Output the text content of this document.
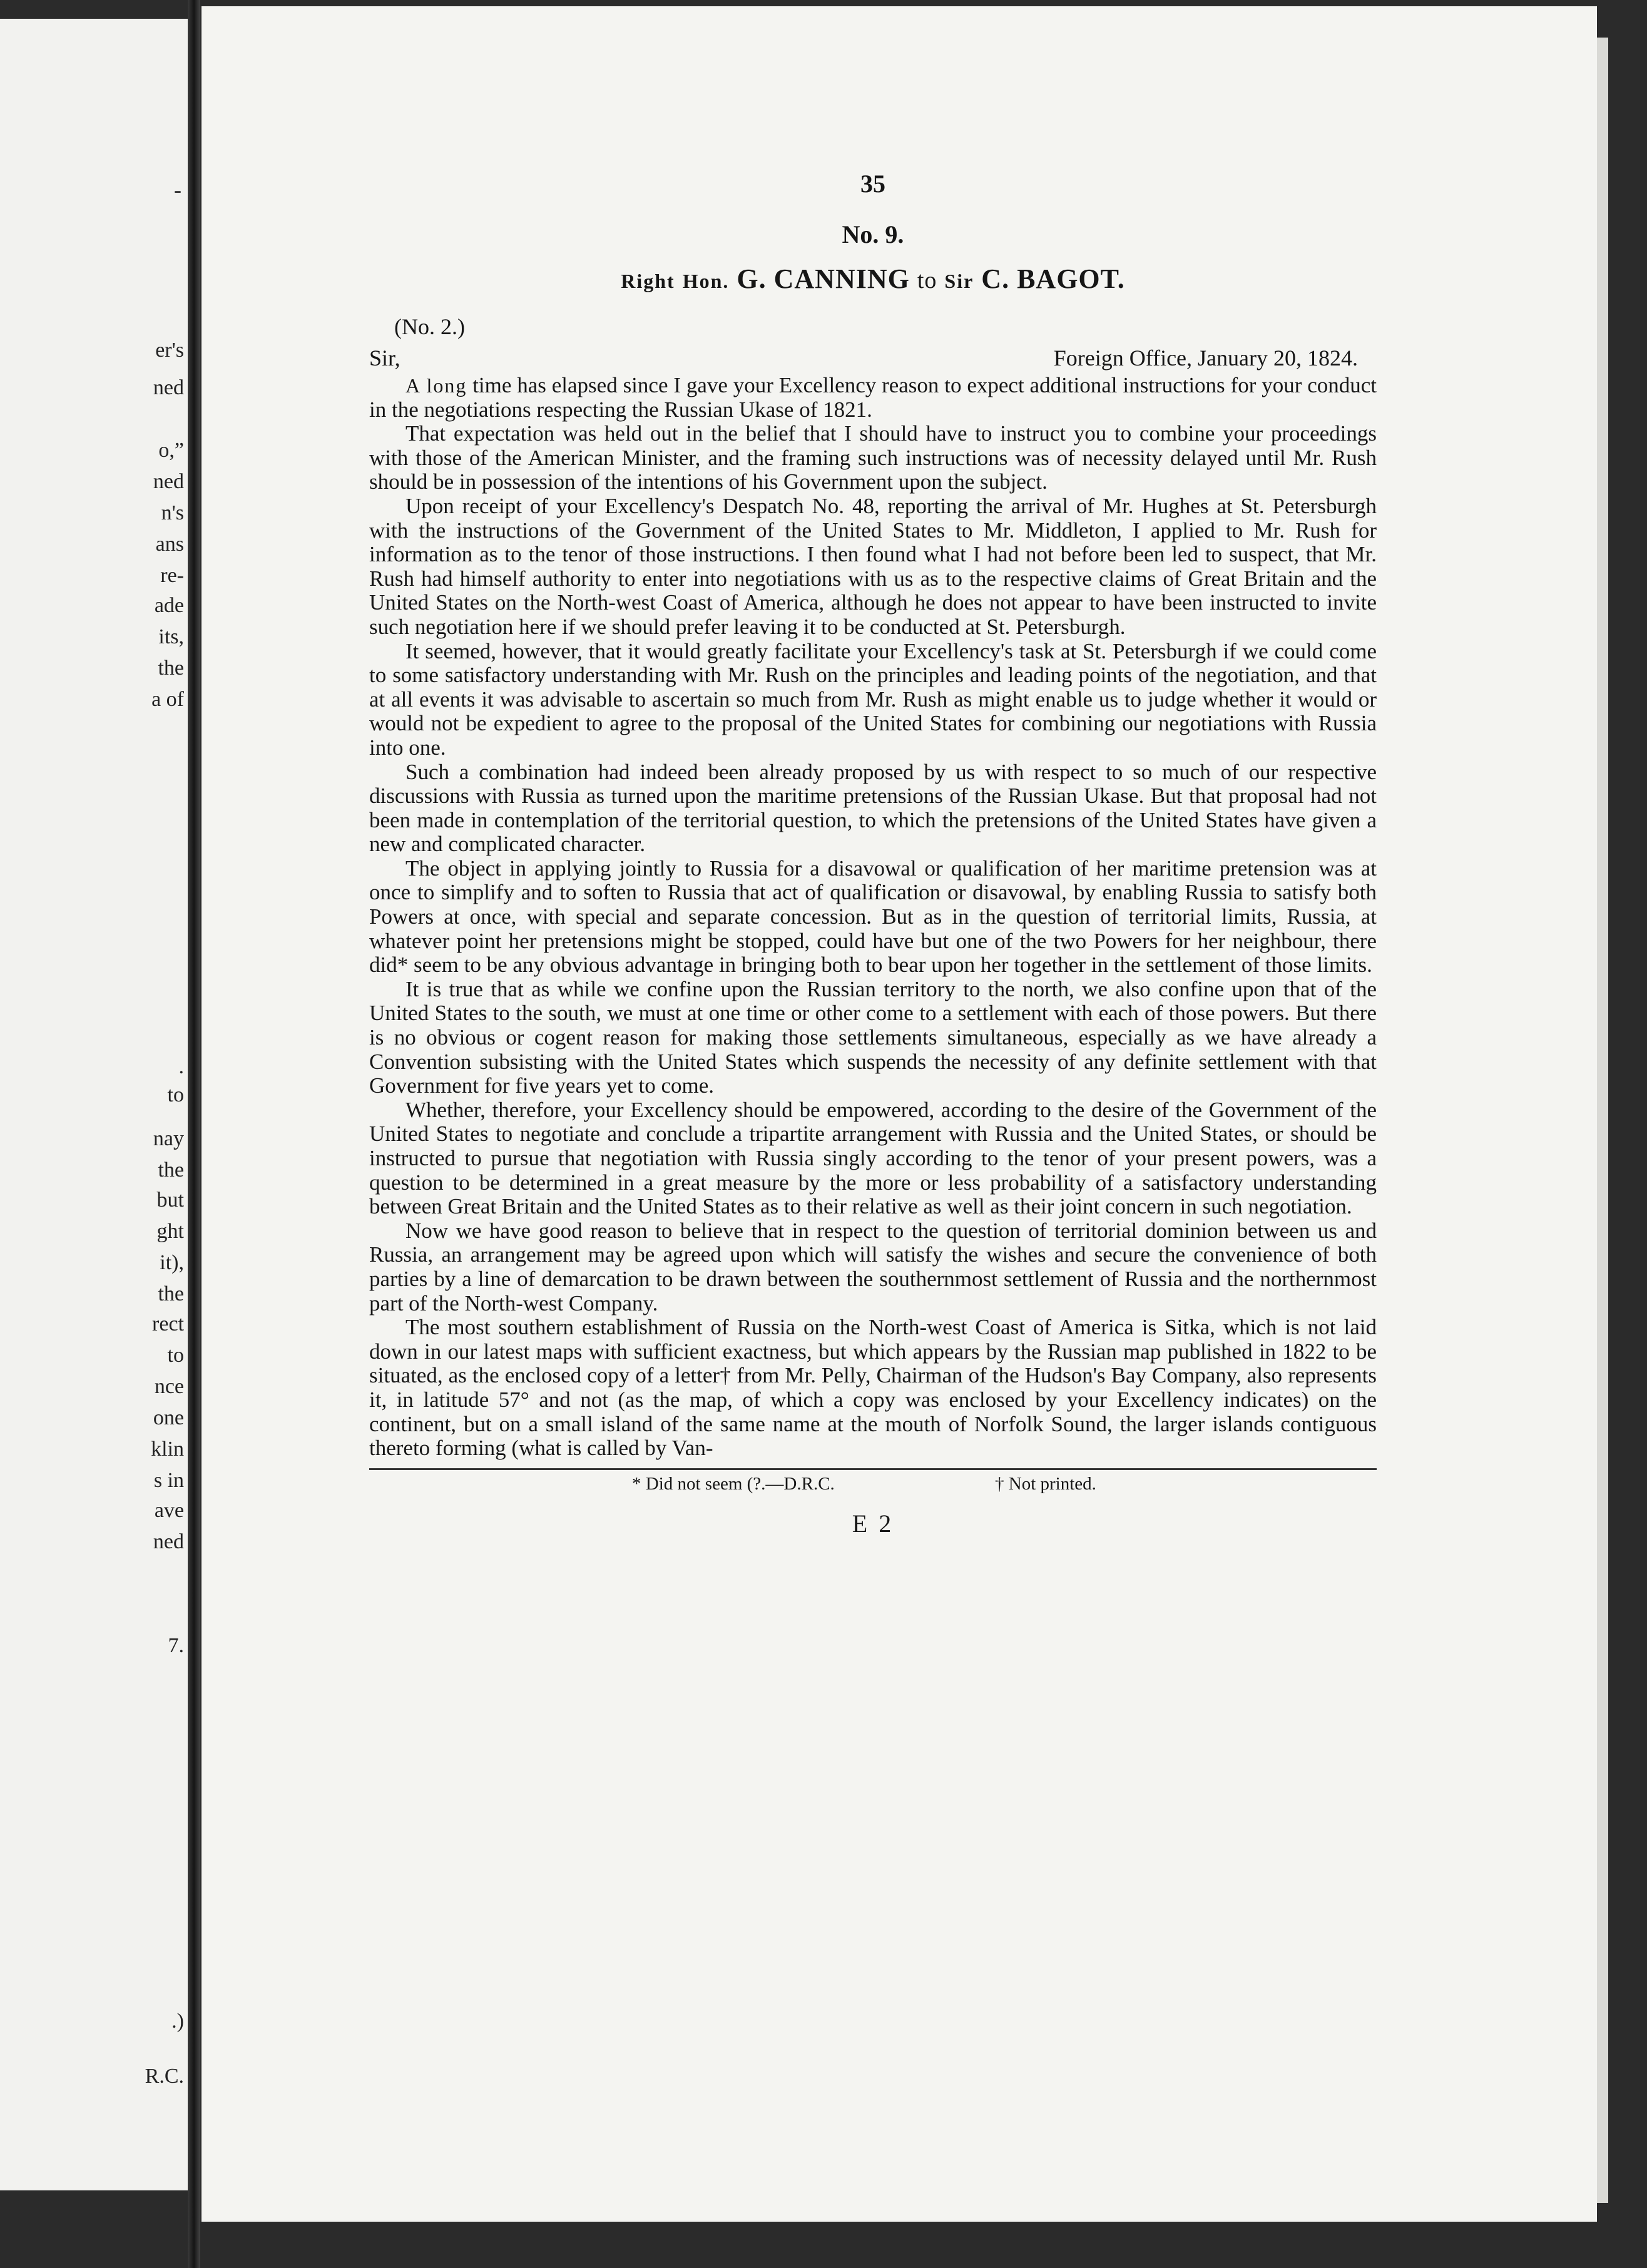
er's
ned
o,”
ned
n's
ans
re-
ade
its,
the
a of
.
to
nay
the
but
ght
it),
the
rect
to
nce
one
klin
s in
ave
ned
7.
.)
R.C.
-	35
No. 9.
Right Hon. G. CANNING to Sir C. BAGOT.
(No. 2.)
Sir,	Foreign Office, January 20, 1824.

A long time has elapsed since I gave your Excellency reason to expect additional instructions for your conduct in the negotiations respecting the Russian Ukase of 1821.

That expectation was held out in the belief that I should have to instruct you to combine your proceedings with those of the American Minister, and the framing such instructions was of necessity delayed until Mr. Rush should be in possession of the intentions of his Government upon the subject.

Upon receipt of your Excellency's Despatch No. 48, reporting the arrival of Mr. Hughes at St. Petersburgh with the instructions of the Government of the United States to Mr. Middleton, I applied to Mr. Rush for information as to the tenor of those instructions. I then found what I had not before been led to suspect, that Mr. Rush had himself authority to enter into negotiations with us as to the respective claims of Great Britain and the United States on the North-west Coast of America, although he does not appear to have been instructed to invite such negotiation here if we should prefer leaving it to be conducted at St. Petersburgh.

It seemed, however, that it would greatly facilitate your Excellency's task at St. Petersburgh if we could come to some satisfactory understanding with Mr. Rush on the principles and leading points of the negotiation, and that at all events it was advisable to ascertain so much from Mr. Rush as might enable us to judge whether it would or would not be expedient to agree to the proposal of the United States for combining our negotiations with Russia into one.

Such a combination had indeed been already proposed by us with respect to so much of our respective discussions with Russia as turned upon the maritime pretensions of the Russian Ukase. But that proposal had not been made in contemplation of the territorial question, to which the pretensions of the United States have given a new and complicated character.

The object in applying jointly to Russia for a disavowal or qualification of her maritime pretension was at once to simplify and to soften to Russia that act of qualification or disavowal, by enabling Russia to satisfy both Powers at once, with special and separate concession. But as in the question of territorial limits, Russia, at whatever point her pretensions might be stopped, could have but one of the two Powers for her neighbour, there did* seem to be any obvious advantage in bringing both to bear upon her together in the settlement of those limits.

It is true that as while we confine upon the Russian territory to the north, we also confine upon that of the United States to the south, we must at one time or other come to a settlement with each of those powers. But there is no obvious or cogent reason for making those settlements simultaneous, especially as we have already a Convention subsisting with the United States which suspends the necessity of any definite settlement with that Government for five years yet to come.

Whether, therefore, your Excellency should be empowered, according to the desire of the Government of the United States to negotiate and conclude a tripartite arrangement with Russia and the United States, or should be instructed to pursue that negotiation with Russia singly according to the tenor of your present powers, was a question to be determined in a great measure by the more or less probability of a satisfactory understanding between Great Britain and the United States as to their relative as well as their joint concern in such negotiation.

Now we have good reason to believe that in respect to the question of territorial dominion between us and Russia, an arrangement may be agreed upon which will satisfy the wishes and secure the convenience of both parties by a line of demarcation to be drawn between the southernmost settlement of Russia and the northernmost part of the North-west Company.

The most southern establishment of Russia on the North-west Coast of America is Sitka, which is not laid down in our latest maps with sufficient exactness, but which appears by the Russian map published in 1822 to be situated, as the enclosed copy of a letter† from Mr. Pelly, Chairman of the Hudson's Bay Company, also represents it, in latitude 57° and not (as the map, of which a copy was enclosed by your Excellency indicates) on the continent, but on a small island of the same name at the mouth of Norfolk Sound, the larger islands contiguous thereto forming (what is called by Van-

* Did not seem (?.—D.R.C.	† Not printed.
E 2
